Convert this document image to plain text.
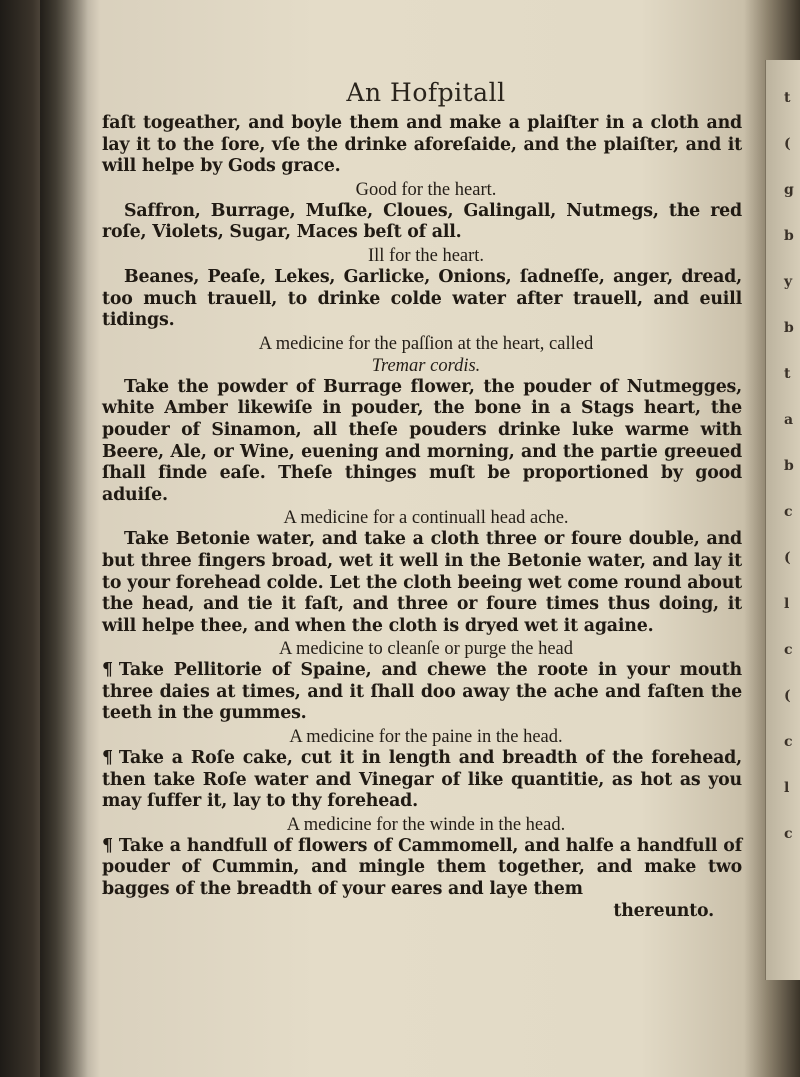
t
(
g
b
y
b
t
a
b
c
(
l
c
(
c
l
c
An Hofpitall
faſt togeather, and boyle them and make a plaiſter in a cloth and lay it to the ſore, vſe the drinke aforeſaide, and the plaiſter, and it will helpe by Gods grace.
Good for the heart.
Saffron, Burrage, Muſke, Cloues, Galingall, Nutmegs, the red roſe, Violets, Sugar, Maces beſt of all.
Ill for the heart.
Beanes, Peaſe, Lekes, Garlicke, Onions, ſadneſſe, anger, dread, too much trauell, to drinke colde water after trauell, and euill tidings.
A medicine for the paſſion at the heart, called
Tremar cordis.
Take the powder of Burrage flower, the pouder of Nutmegges, white Amber likewiſe in pouder, the bone in a Stags heart, the pouder of Sinamon, all theſe pouders drinke luke warme with Beere, Ale, or Wine, euening and morning, and the partie greeued ſhall finde eaſe. Theſe thinges muſt be proportioned by good aduiſe.
A medicine for a continuall head ache.
Take Betonie water, and take a cloth three or foure double, and but three fingers broad, wet it well in the Betonie water, and lay it to your forehead colde. Let the cloth beeing wet come round about the head, and tie it faſt, and three or foure times thus doing, it will helpe thee, and when the cloth is dryed wet it againe.
A medicine to cleanſe or purge the head
¶ Take Pellitorie of Spaine, and chewe the roote in your mouth three daies at times, and it ſhall doo away the ache and faſten the teeth in the gummes.
A medicine for the paine in the head.
¶ Take a Roſe cake, cut it in length and breadth of the forehead, then take Roſe water and Vinegar of like quantitie, as hot as you may ſuffer it, lay to thy forehead.
A medicine for the winde in the head.
¶ Take a handfull of flowers of Cammomell, and halfe a handfull of pouder of Cummin, and mingle them together, and make two bagges of the breadth of your eares and laye them
thereunto.
